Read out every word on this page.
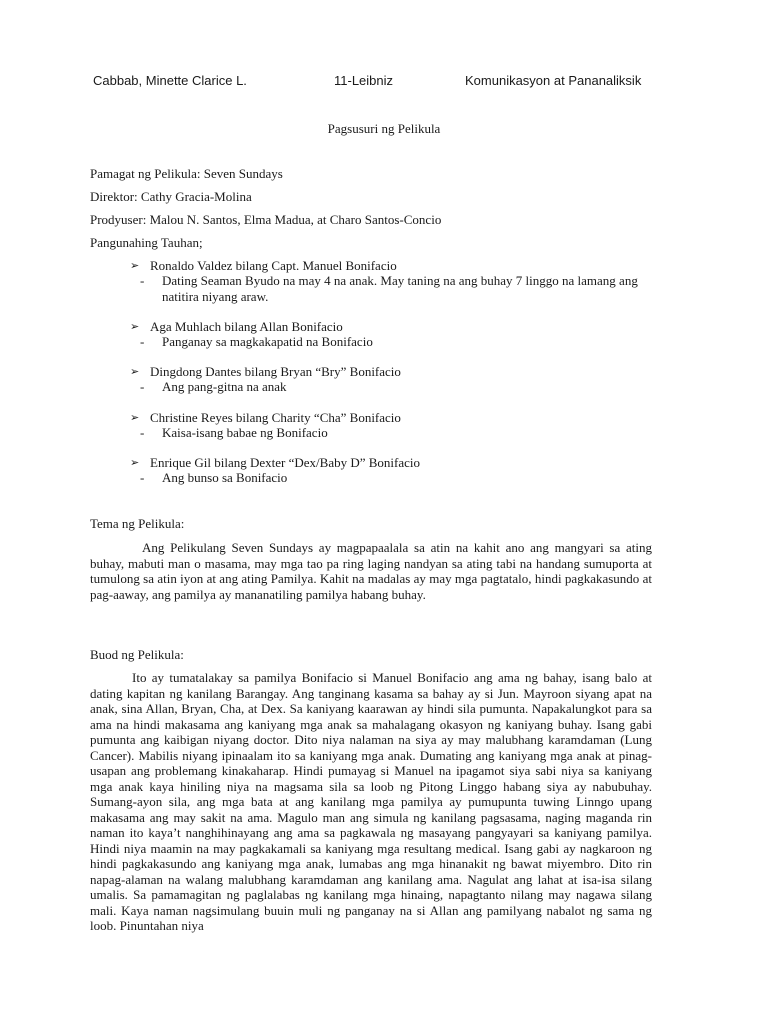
Cabbab, Minette Clarice L.	11-Leibniz	Komunikasyon at Pananaliksik
Pagsusuri ng Pelikula
Pamagat ng Pelikula: Seven Sundays
Direktor: Cathy Gracia-Molina
Prodyuser: Malou N. Santos, Elma Madua, at Charo Santos-Concio
Pangunahing Tauhan;
➢ Ronaldo Valdez bilang Capt. Manuel Bonifacio
-	Dating Seaman Byudo na may 4 na anak. May taning na ang buhay 7 linggo na lamang ang natitira niyang araw.
➢ Aga Muhlach bilang Allan Bonifacio
-	Panganay sa magkakapatid na Bonifacio
➢ Dingdong Dantes bilang Bryan “Bry” Bonifacio
-	Ang pang-gitna na anak
➢ Christine Reyes bilang Charity “Cha” Bonifacio
-	Kaisa-isang babae ng Bonifacio
➢ Enrique Gil bilang Dexter “Dex/Baby D” Bonifacio
-	Ang bunso sa Bonifacio
Tema ng Pelikula:
Ang Pelikulang Seven Sundays ay magpapaalala sa atin na kahit ano ang mangyari sa ating buhay, mabuti man o masama, may mga tao pa ring laging nandyan sa ating tabi na handang sumuporta at tumulong sa atin iyon at ang ating Pamilya. Kahit na madalas ay may mga pagtatalo, hindi pagkakasundo at pag-aaway, ang pamilya ay mananatiling pamilya habang buhay.
Buod ng Pelikula:
Ito ay tumatalakay sa pamilya Bonifacio si Manuel Bonifacio ang ama ng bahay, isang balo at dating kapitan ng kanilang Barangay. Ang tanginang kasama sa bahay ay si Jun. Mayroon siyang apat na anak, sina Allan, Bryan, Cha, at Dex. Sa kaniyang kaarawan ay hindi sila pumunta. Napakalungkot para sa ama na hindi makasama ang kaniyang mga anak sa mahalagang okasyon ng kaniyang buhay. Isang gabi pumunta ang kaibigan niyang doctor. Dito niya nalaman na siya ay may malubhang karamdaman (Lung Cancer). Mabilis niyang ipinaalam ito sa kaniyang mga anak. Dumating ang kaniyang mga anak at pinag-usapan ang problemang kinakaharap. Hindi pumayag si Manuel na ipagamot siya sabi niya sa kaniyang mga anak kaya hiniling niya na magsama sila sa loob ng Pitong Linggo habang siya ay nabubuhay. Sumang-ayon sila, ang mga bata at ang kanilang mga pamilya ay pumupunta tuwing Linngo upang makasama ang may sakit na ama. Magulo man ang simula ng kanilang pagsasama, naging maganda rin naman ito kaya’t nanghihinayang ang ama sa pagkawala ng masayang pangyayari sa kaniyang pamilya. Hindi niya maamin na may pagkakamali sa kaniyang mga resultang medical. Isang gabi ay nagkaroon ng hindi pagkakasundo ang kaniyang mga anak, lumabas ang mga hinanakit ng bawat miyembro. Dito rin napag-alaman na walang malubhang karamdaman ang kanilang ama. Nagulat ang lahat at isa-isa silang umalis. Sa pamamagitan ng paglalabas ng kanilang mga hinaing, napagtanto nilang may nagawa silang mali. Kaya naman nagsimulang buuin muli ng panganay na si Allan ang pamilyang nabalot ng sama ng loob. Pinuntahan niya
